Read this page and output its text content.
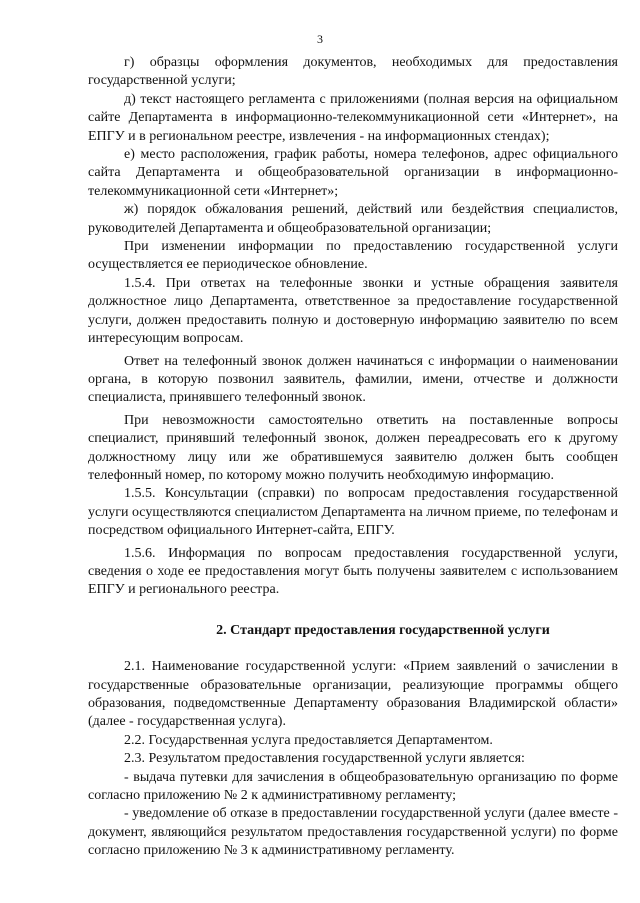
3

г) образцы оформления документов, необходимых для предоставления государственной услуги;

д) текст настоящего регламента с приложениями (полная версия на официальном сайте Департамента в информационно-телекоммуникационной сети «Интернет», на ЕПГУ и в региональном реестре, извлечения - на информационных стендах);

е) место расположения, график работы, номера телефонов, адрес официального сайта Департамента и общеобразовательной организации в информационно-телекоммуникационной сети «Интернет»;

ж) порядок обжалования решений, действий или бездействия специалистов, руководителей Департамента и общеобразовательной организации;

При изменении информации по предоставлению государственной услуги осуществляется ее периодическое обновление.

1.5.4. При ответах на телефонные звонки и устные обращения заявителя должностное лицо Департамента, ответственное за предоставление государственной услуги, должен предоставить полную и достоверную информацию заявителю по всем интересующим вопросам.

Ответ на телефонный звонок должен начинаться с информации о наименовании органа, в которую позвонил заявитель, фамилии, имени, отчестве и должности специалиста, принявшего телефонный звонок.

При невозможности самостоятельно ответить на поставленные вопросы специалист, принявший телефонный звонок, должен переадресовать его к другому должностному лицу или же обратившемуся заявителю должен быть сообщен телефонный номер, по которому можно получить необходимую информацию.

1.5.5. Консультации (справки) по вопросам предоставления государственной услуги осуществляются специалистом Департамента на личном приеме, по телефонам и посредством официального Интернет-сайта, ЕПГУ.

1.5.6. Информация по вопросам предоставления государственной услуги, сведения о ходе ее предоставления могут быть получены заявителем с использованием ЕПГУ и регионального реестра.

2. Стандарт предоставления государственной услуги

2.1. Наименование государственной услуги: «Прием заявлений о зачислении в государственные образовательные организации, реализующие программы общего образования, подведомственные Департаменту образования Владимирской области» (далее - государственная услуга).

2.2. Государственная услуга предоставляется Департаментом.

2.3. Результатом предоставления государственной услуги является:

- выдача путевки для зачисления в общеобразовательную организацию по форме согласно приложению № 2 к административному регламенту;

- уведомление об отказе в предоставлении государственной услуги (далее вместе - документ, являющийся результатом предоставления государственной услуги) по форме согласно приложению № 3 к административному регламенту.
